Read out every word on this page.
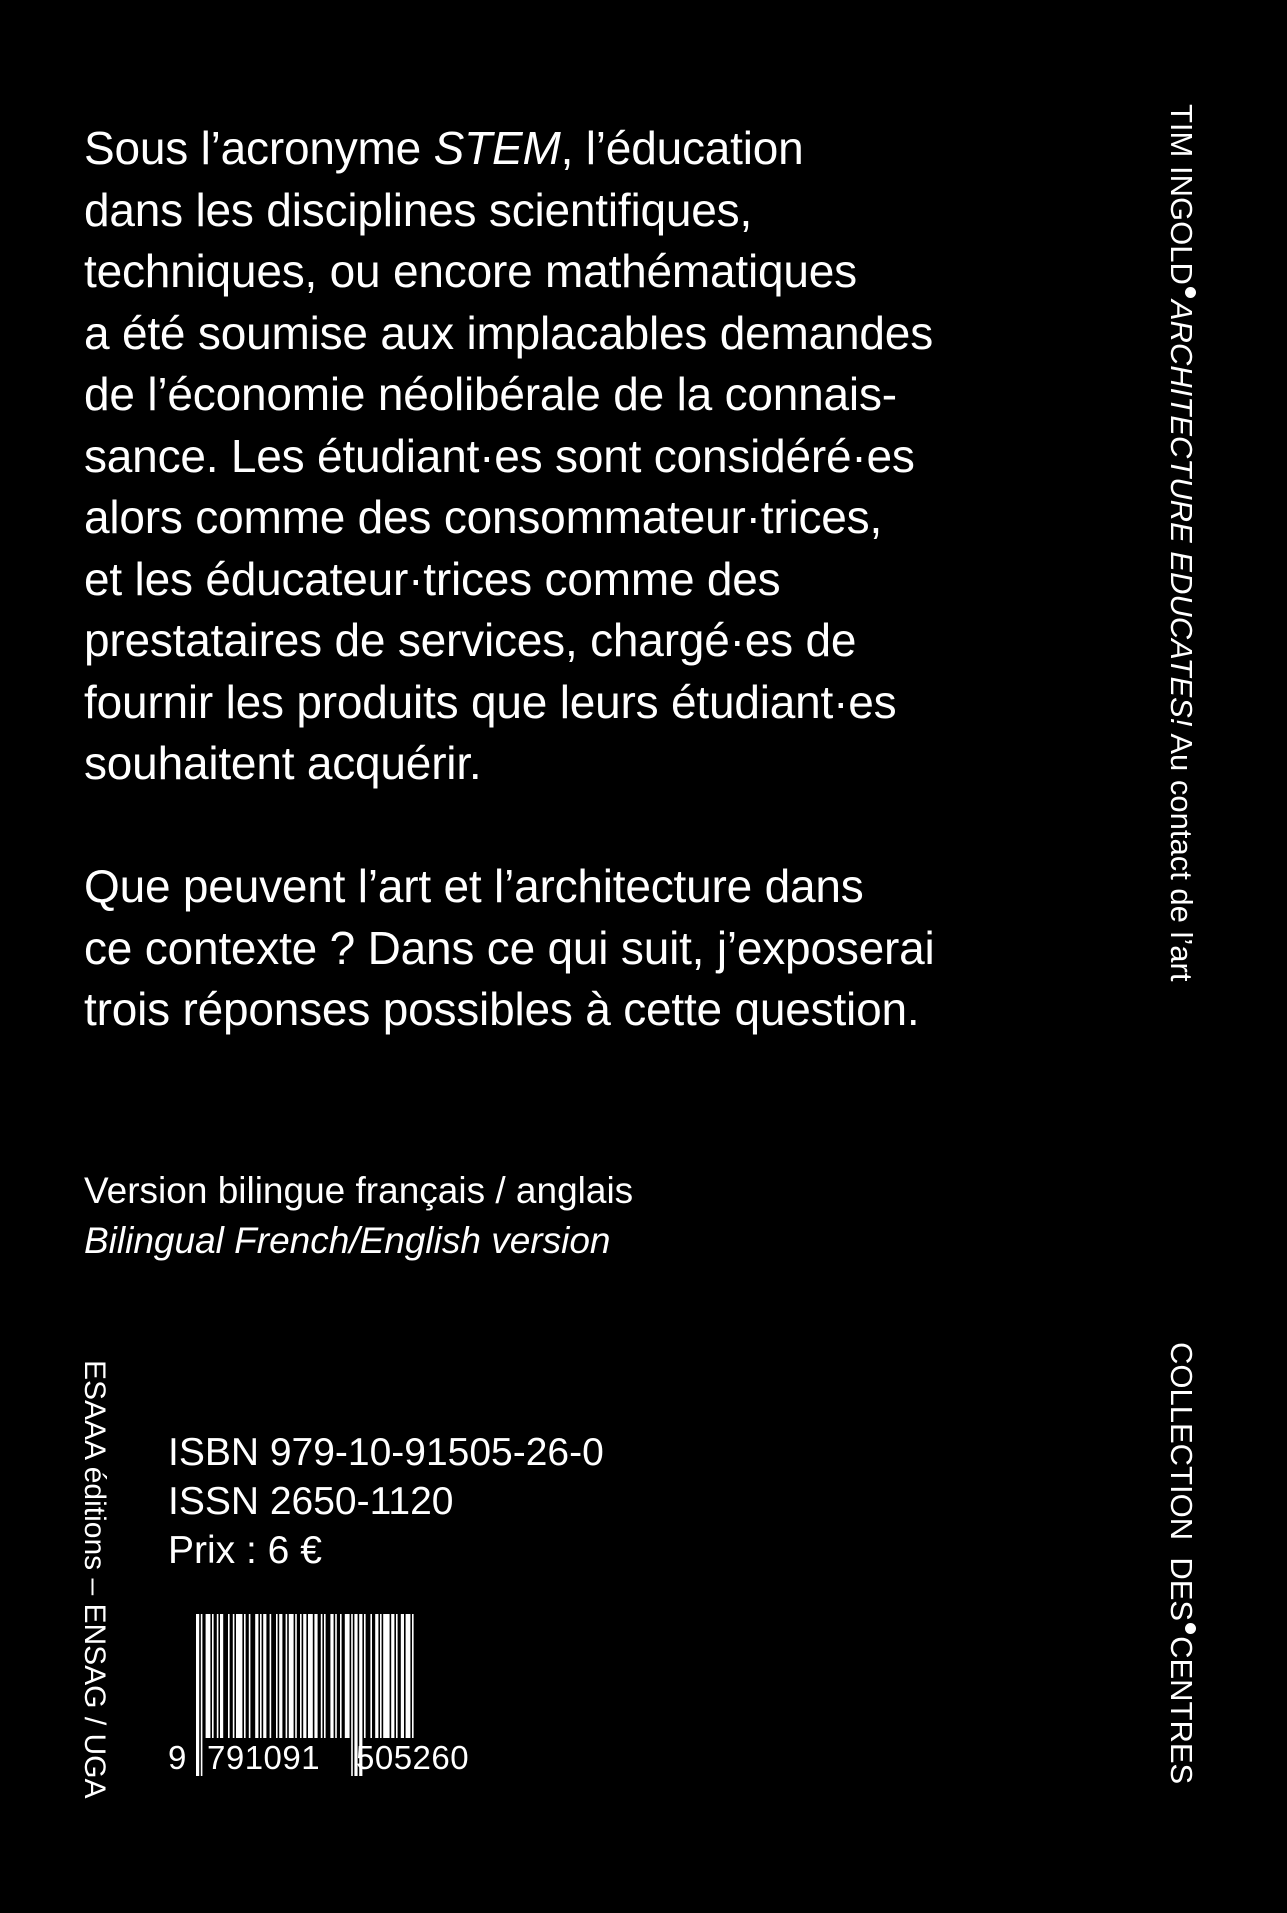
Sous l’acronyme STEM, l’éducation
dans les disciplines scientifiques,
techniques, ou encore mathématiques
a été soumise aux implacables demandes
de l’économie néolibérale de la connais-
sance. Les étudiant·es sont considéré·es
alors comme des consommateur·trices,
et les éducateur·trices comme des
prestataires de services, chargé·es de
fournir les produits que leurs étudiant·es
souhaitent acquérir.

Que peuvent l’art et l’architecture dans
ce contexte ? Dans ce qui suit, j’exposerai
trois réponses possibles à cette question.

Version bilingue français / anglais
Bilingual French/English version
ISBN 979-10-91505-26-0
ISSN 2650-1120
Prix : 6 €
9 791091 505260
TIM INGOLDARCHITECTURE EDUCATES! Au contact de l’art
COLLECTION  DESCENTRES
ESAAA éditions – ENSAG / UGA
